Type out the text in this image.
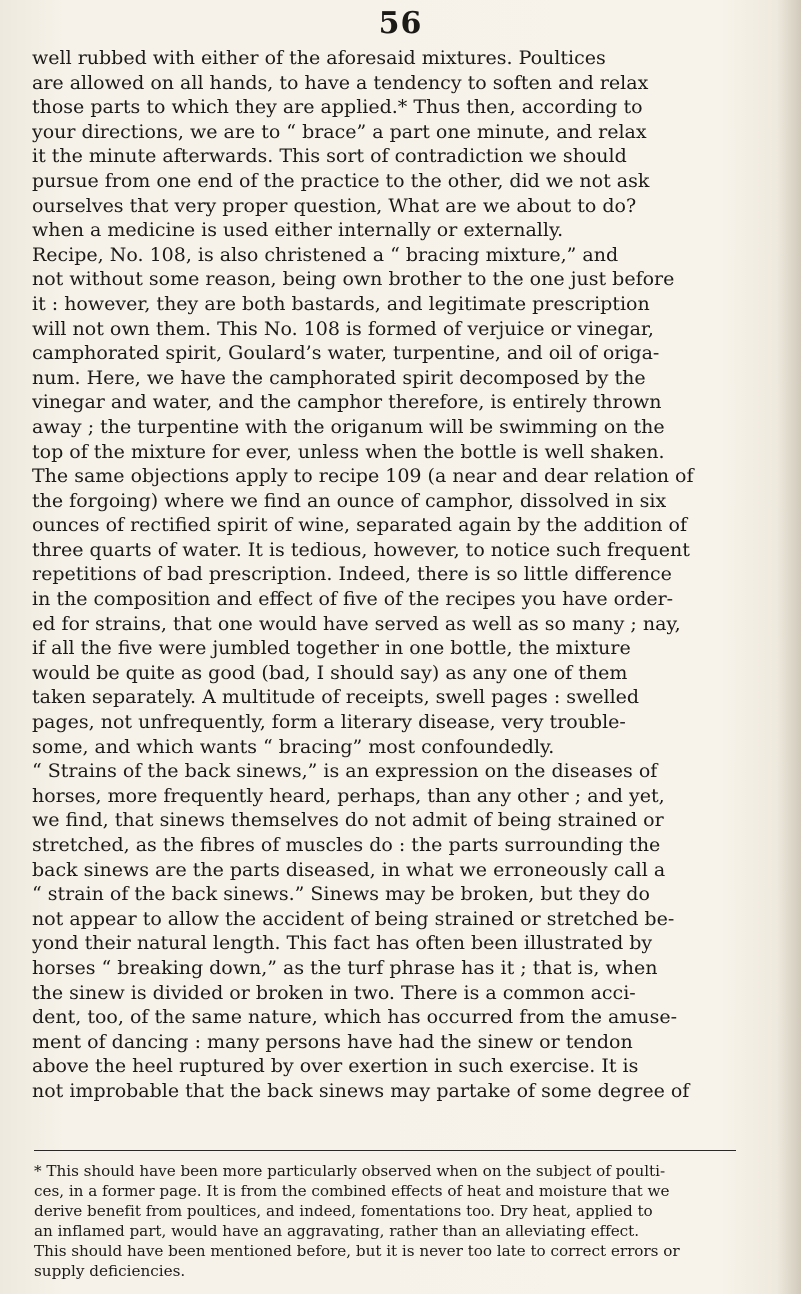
56
well rubbed with either of the aforesaid mixtures. Poultices
are allowed on all hands, to have a tendency to soften and relax
those parts to which they are applied.* Thus then, according to
your directions, we are to “ brace” a part one minute, and relax
it the minute afterwards. This sort of contradiction we should
pursue from one end of the practice to the other, did we not ask
ourselves that very proper question, What are we about to do?
when a medicine is used either internally or externally.
Recipe, No. 108, is also christened a “ bracing mixture,” and
not without some reason, being own brother to the one just before
it : however, they are both bastards, and legitimate prescription
will not own them. This No. 108 is formed of verjuice or vinegar,
camphorated spirit, Goulard’s water, turpentine, and oil of origa-
num. Here, we have the camphorated spirit decomposed by the
vinegar and water, and the camphor therefore, is entirely thrown
away ; the turpentine with the origanum will be swimming on the
top of the mixture for ever, unless when the bottle is well shaken.
The same objections apply to recipe 109 (a near and dear relation of
the forgoing) where we find an ounce of camphor, dissolved in six
ounces of rectified spirit of wine, separated again by the addition of
three quarts of water. It is tedious, however, to notice such frequent
repetitions of bad prescription. Indeed, there is so little difference
in the composition and effect of five of the recipes you have order-
ed for strains, that one would have served as well as so many ; nay,
if all the five were jumbled together in one bottle, the mixture
would be quite as good (bad, I should say) as any one of them
taken separately. A multitude of receipts, swell pages : swelled
pages, not unfrequently, form a literary disease, very trouble-
some, and which wants “ bracing” most confoundedly.
“ Strains of the back sinews,” is an expression on the diseases of
horses, more frequently heard, perhaps, than any other ; and yet,
we find, that sinews themselves do not admit of being strained or
stretched, as the fibres of muscles do : the parts surrounding the
back sinews are the parts diseased, in what we erroneously call a
“ strain of the back sinews.” Sinews may be broken, but they do
not appear to allow the accident of being strained or stretched be-
yond their natural length. This fact has often been illustrated by
horses “ breaking down,” as the turf phrase has it ; that is, when
the sinew is divided or broken in two. There is a common acci-
dent, too, of the same nature, which has occurred from the amuse-
ment of dancing : many persons have had the sinew or tendon
above the heel ruptured by over exertion in such exercise. It is
not improbable that the back sinews may partake of some degree of
* This should have been more particularly observed when on the subject of poulti-
ces, in a former page. It is from the combined effects of heat and moisture that we
derive benefit from poultices, and indeed, fomentations too. Dry heat, applied to
an inflamed part, would have an aggravating, rather than an alleviating effect.
This should have been mentioned before, but it is never too late to correct errors or
supply deficiencies.
